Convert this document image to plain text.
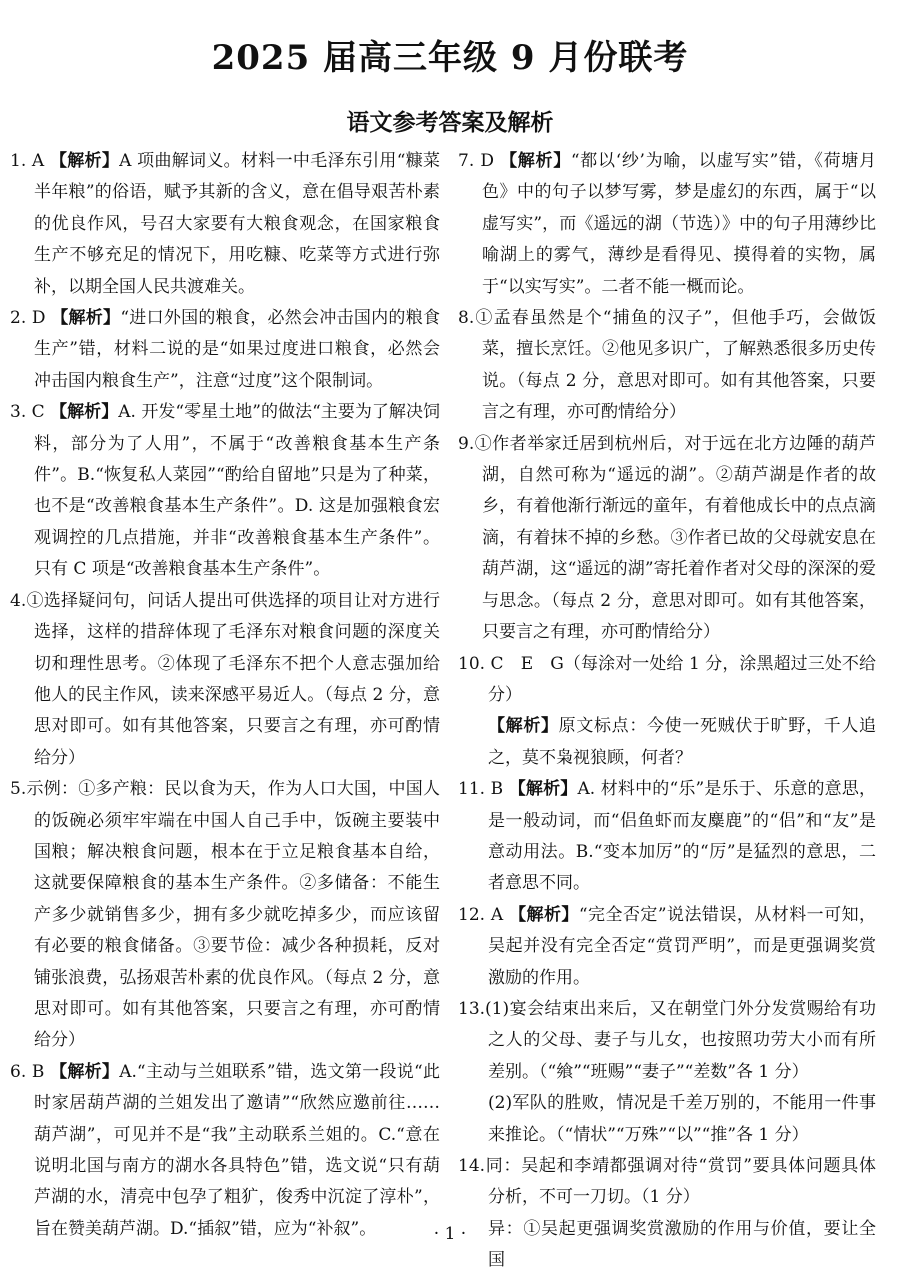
2025 届高三年级 9 月份联考
语文参考答案及解析

1. A 【解析】A 项曲解词义。材料一中毛泽东引用“糠菜半年粮”的俗语，赋予其新的含义，意在倡导艰苦朴素的优良作风，号召大家要有大粮食观念，在国家粮食生产不够充足的情况下，用吃糠、吃菜等方式进行弥补，以期全国人民共渡难关。

2. D 【解析】“进口外国的粮食，必然会冲击国内的粮食生产”错，材料二说的是“如果过度进口粮食，必然会冲击国内粮食生产”，注意“过度”这个限制词。

3. C 【解析】A. 开发“零星土地”的做法“主要为了解决饲料，部分为了人用”，不属于“改善粮食基本生产条件”。B.“恢复私人菜园”“酌给自留地”只是为了种菜，也不是“改善粮食基本生产条件”。D. 这是加强粮食宏观调控的几点措施，并非“改善粮食基本生产条件”。只有 C 项是“改善粮食基本生产条件”。

4.①选择疑问句，问话人提出可供选择的项目让对方进行选择，这样的措辞体现了毛泽东对粮食问题的深度关切和理性思考。②体现了毛泽东不把个人意志强加给他人的民主作风，读来深感平易近人。（每点 2 分，意思对即可。如有其他答案，只要言之有理，亦可酌情给分）

5.示例：①多产粮：民以食为天，作为人口大国，中国人的饭碗必须牢牢端在中国人自己手中，饭碗主要装中国粮；解决粮食问题，根本在于立足粮食基本自给，这就要保障粮食的基本生产条件。②多储备：不能生产多少就销售多少，拥有多少就吃掉多少，而应该留有必要的粮食储备。③要节俭：减少各种损耗，反对铺张浪费，弘扬艰苦朴素的优良作风。（每点 2 分，意思对即可。如有其他答案，只要言之有理，亦可酌情给分）

6. B 【解析】A.“主动与兰姐联系”错，选文第一段说“此时家居葫芦湖的兰姐发出了邀请”“欣然应邀前往……葫芦湖”，可见并不是“我”主动联系兰姐的。C.“意在说明北国与南方的湖水各具特色”错，选文说“只有葫芦湖的水，清亮中包孕了粗犷，俊秀中沉淀了淳朴”，旨在赞美葫芦湖。D.“插叙”错，应为“补叙”。

7. D 【解析】“都以‘纱’为喻，以虚写实”错，《荷塘月色》中的句子以梦写雾，梦是虚幻的东西，属于“以虚写实”，而《遥远的湖（节选）》中的句子用薄纱比喻湖上的雾气，薄纱是看得见、摸得着的实物，属于“以实写实”。二者不能一概而论。

8.①孟春虽然是个“捕鱼的汉子”，但他手巧，会做饭菜，擅长烹饪。②他见多识广，了解熟悉很多历史传说。（每点 2 分，意思对即可。如有其他答案，只要言之有理，亦可酌情给分）

9.①作者举家迁居到杭州后，对于远在北方边陲的葫芦湖，自然可称为“遥远的湖”。②葫芦湖是作者的故乡，有着他渐行渐远的童年，有着他成长中的点点滴滴，有着抹不掉的乡愁。③作者已故的父母就安息在葫芦湖，这“遥远的湖”寄托着作者对父母的深深的爱与思念。（每点 2 分，意思对即可。如有其他答案，只要言之有理，亦可酌情给分）

10. C　E　G（每涂对一处给 1 分，涂黑超过三处不给分）

【解析】原文标点：今使一死贼伏于旷野，千人追之，莫不枭视狼顾，何者？

11. B 【解析】A. 材料中的“乐”是乐于、乐意的意思，是一般动词，而“侣鱼虾而友麋鹿”的“侣”和“友”是意动用法。B.“变本加厉”的“厉”是猛烈的意思，二者意思不同。

12. A 【解析】“完全否定”说法错误，从材料一可知，吴起并没有完全否定“赏罚严明”，而是更强调奖赏激励的作用。

13.(1)宴会结束出来后，又在朝堂门外分发赏赐给有功之人的父母、妻子与儿女，也按照功劳大小而有所差别。（“飨”“班赐”“妻子”“差数”各 1 分）

(2)军队的胜败，情况是千差万别的，不能用一件事来推论。（“情状”“万殊”“以”“推”各 1 分）

14.同：吴起和李靖都强调对待“赏罚”要具体问题具体分析，不可一刀切。（1 分）

异：①吴起更强调奖赏激励的作用与价值，要让全国

· 1 ·
